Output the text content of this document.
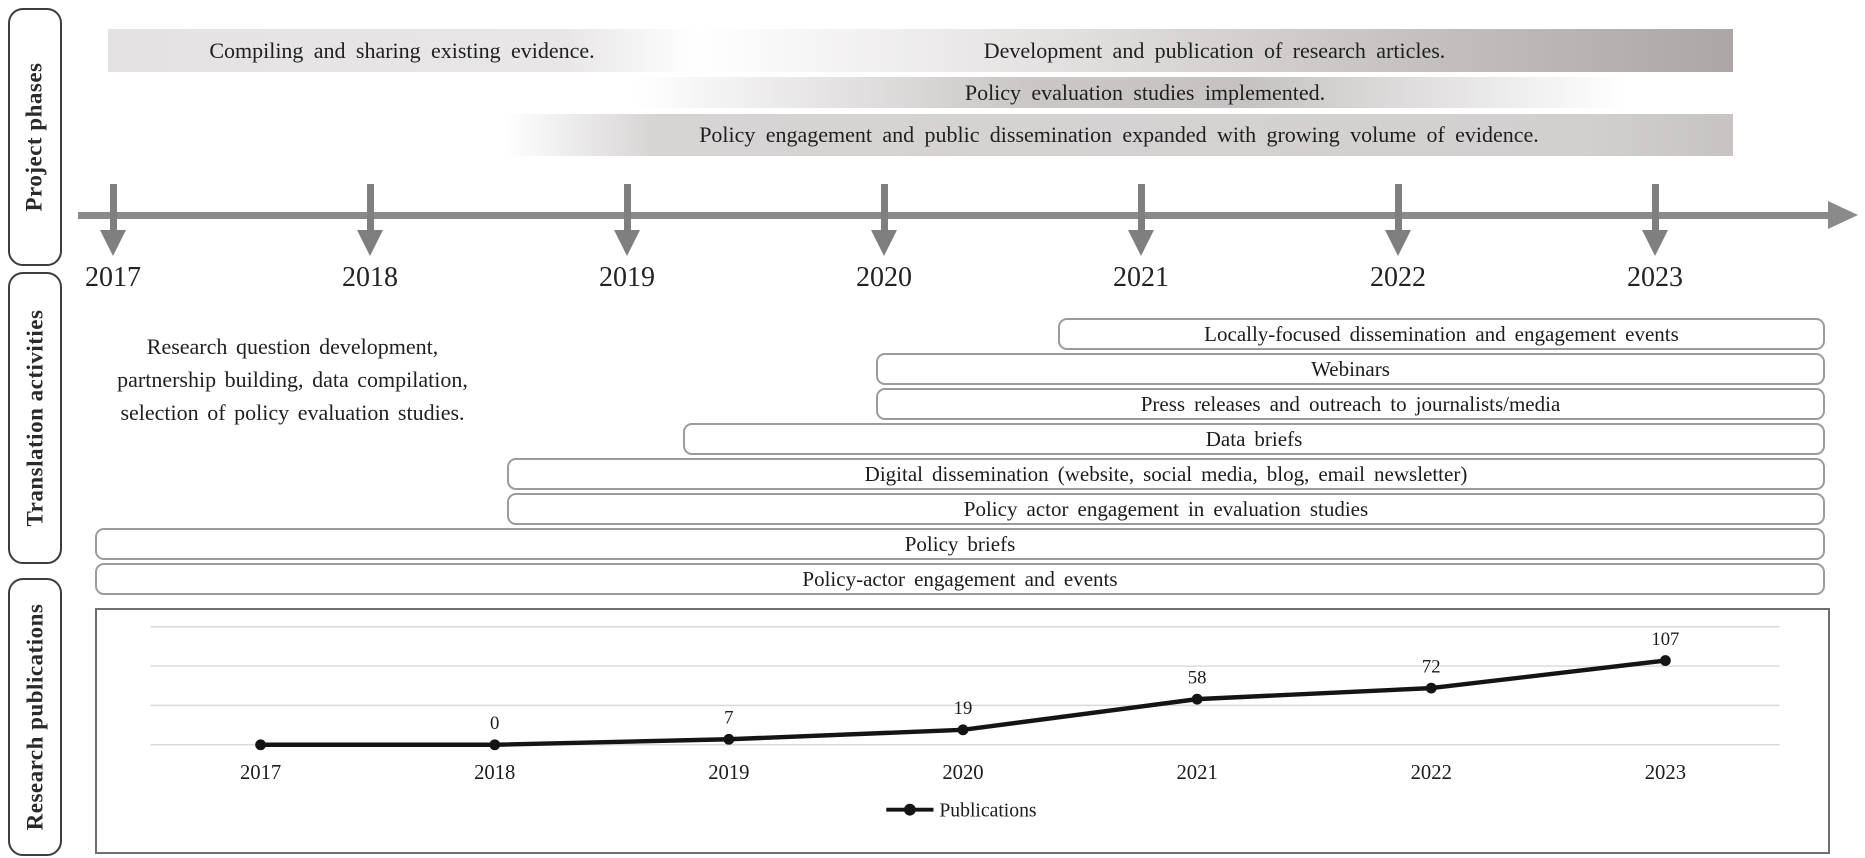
Project phases
Translation activities
Research publications
Compiling and sharing existing evidence.	Development and publication of research articles.
Policy evaluation studies implemented.
Policy engagement and public dissemination expanded with growing volume of evidence.
2017	2018	2019	2020	2021	2022	2023
Research question development,
partnership building, data compilation,
selection of policy evaluation studies.
Locally-focused dissemination and engagement events
Webinars
Press releases and outreach to journalists/media
Data briefs
Digital dissemination (website, social media, blog, email newsletter)
Policy actor engagement in evaluation studies
Policy briefs
Policy-actor engagement and events
2017
0
2018
7
2019
19
2020
58
2021
72
2022
107
2023
Publications
